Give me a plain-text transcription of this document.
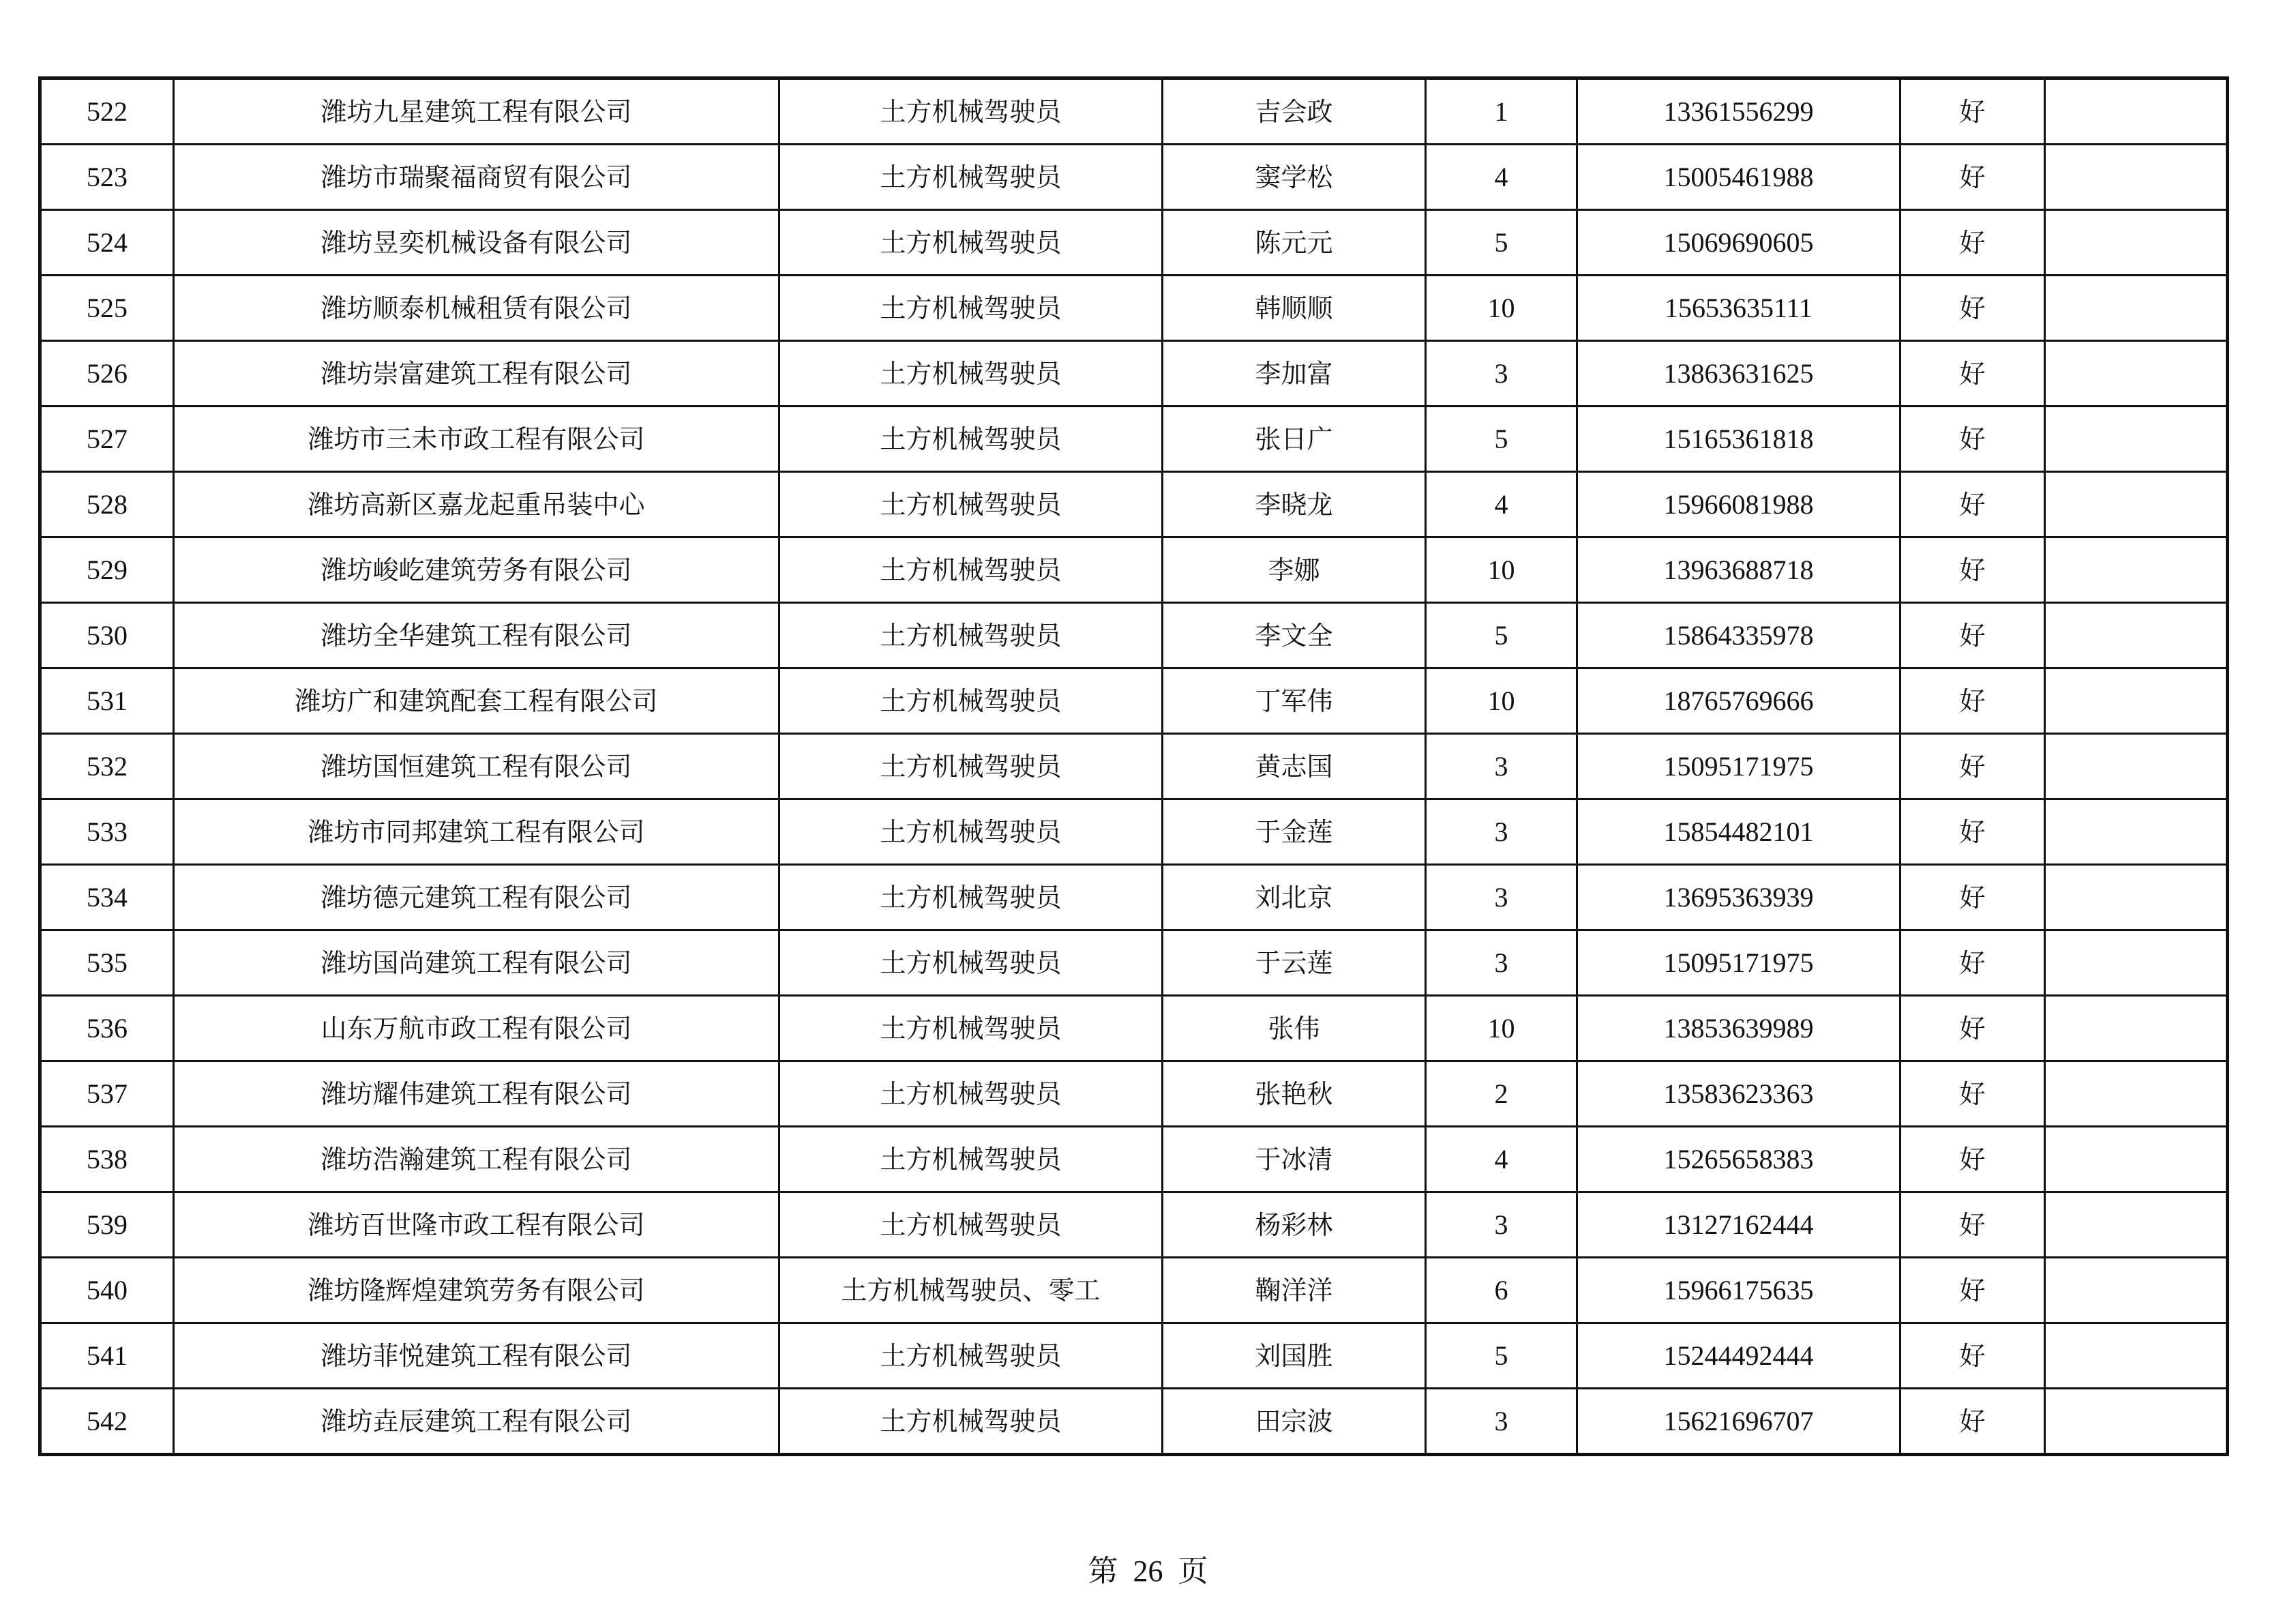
522	潍坊九星建筑工程有限公司	土方机械驾驶员	吉会政	1	13361556299	好	
523	潍坊市瑞聚福商贸有限公司	土方机械驾驶员	窦学松	4	15005461988	好	
524	潍坊昱奕机械设备有限公司	土方机械驾驶员	陈元元	5	15069690605	好	
525	潍坊顺泰机械租赁有限公司	土方机械驾驶员	韩顺顺	10	15653635111	好	
526	潍坊崇富建筑工程有限公司	土方机械驾驶员	李加富	3	13863631625	好	
527	潍坊市三未市政工程有限公司	土方机械驾驶员	张日广	5	15165361818	好	
528	潍坊高新区嘉龙起重吊装中心	土方机械驾驶员	李晓龙	4	15966081988	好	
529	潍坊峻屹建筑劳务有限公司	土方机械驾驶员	李娜	10	13963688718	好	
530	潍坊全华建筑工程有限公司	土方机械驾驶员	李文全	5	15864335978	好	
531	潍坊广和建筑配套工程有限公司	土方机械驾驶员	丁军伟	10	18765769666	好	
532	潍坊国恒建筑工程有限公司	土方机械驾驶员	黄志国	3	15095171975	好	
533	潍坊市同邦建筑工程有限公司	土方机械驾驶员	于金莲	3	15854482101	好	
534	潍坊德元建筑工程有限公司	土方机械驾驶员	刘北京	3	13695363939	好	
535	潍坊国尚建筑工程有限公司	土方机械驾驶员	于云莲	3	15095171975	好	
536	山东万航市政工程有限公司	土方机械驾驶员	张伟	10	13853639989	好	
537	潍坊耀伟建筑工程有限公司	土方机械驾驶员	张艳秋	2	13583623363	好	
538	潍坊浩瀚建筑工程有限公司	土方机械驾驶员	于冰清	4	15265658383	好	
539	潍坊百世隆市政工程有限公司	土方机械驾驶员	杨彩林	3	13127162444	好	
540	潍坊隆辉煌建筑劳务有限公司	土方机械驾驶员、零工	鞠洋洋	6	15966175635	好	
541	潍坊菲悦建筑工程有限公司	土方机械驾驶员	刘国胜	5	15244492444	好	
542	潍坊垚辰建筑工程有限公司	土方机械驾驶员	田宗波	3	15621696707	好	
第 26 页
